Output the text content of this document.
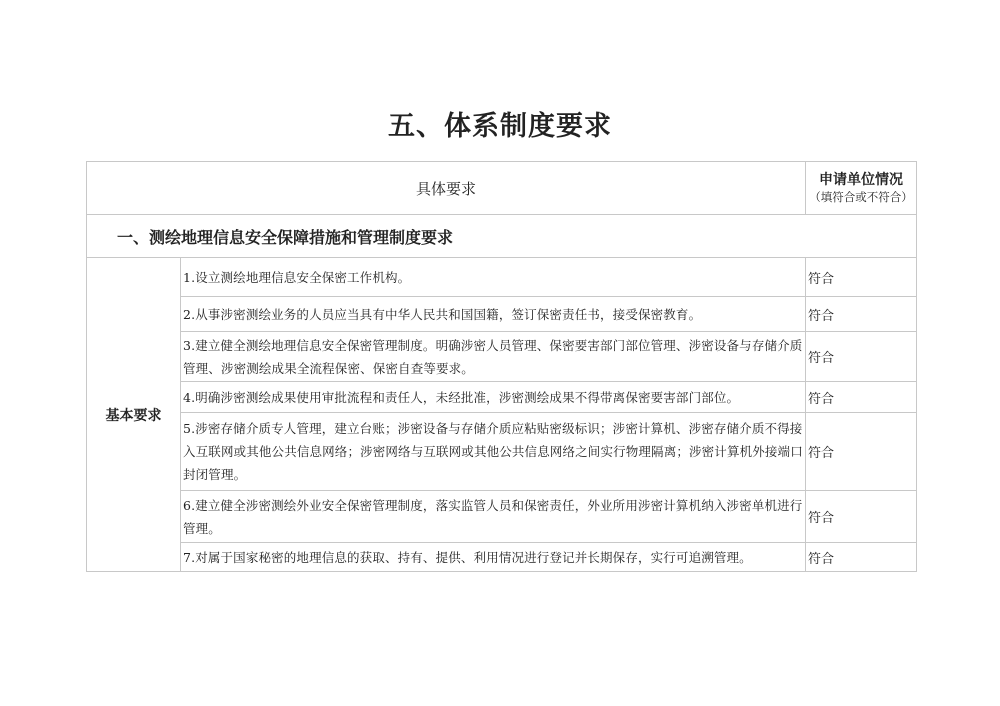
五、体系制度要求
具体要求		申请单位情况
（填符合或不符合）

一、测绘地理信息安全保障措施和管理制度要求		
基本要求	1.设立测绘地理信息安全保密工作机构。	符合
	2.从事涉密测绘业务的人员应当具有中华人民共和国国籍，签订保密责任书，接受保密教育。	符合
	3.建立健全测绘地理信息安全保密管理制度。明确涉密人员管理、保密要害部门部位管理、涉密设备与存储介质管理、涉密测绘成果全流程保密、保密自查等要求。	符合
	4.明确涉密测绘成果使用审批流程和责任人，未经批准，涉密测绘成果不得带离保密要害部门部位。	符合
	5.涉密存储介质专人管理，建立台账；涉密设备与存储介质应粘贴密级标识；涉密计算机、涉密存储介质不得接入互联网或其他公共信息网络；涉密网络与互联网或其他公共信息网络之间实行物理隔离；涉密计算机外接端口封闭管理。	符合
	6.建立健全涉密测绘外业安全保密管理制度，落实监管人员和保密责任，外业所用涉密计算机纳入涉密单机进行管理。	符合
	7.对属于国家秘密的地理信息的获取、持有、提供、利用情况进行登记并长期保存，实行可追溯管理。	符合
